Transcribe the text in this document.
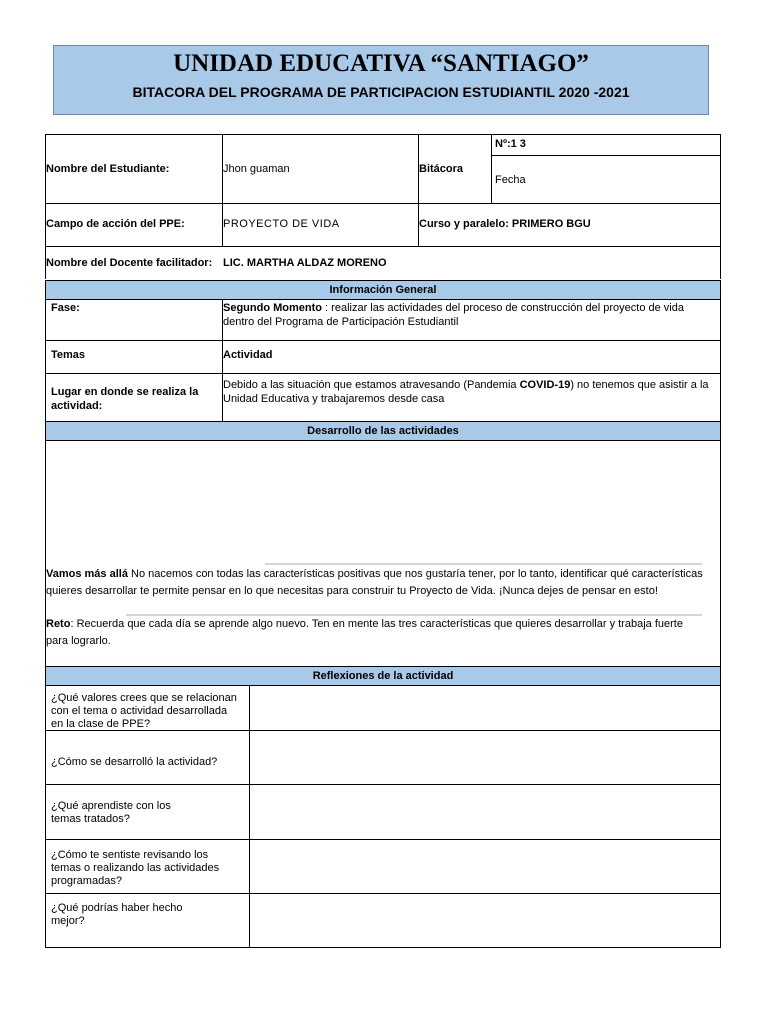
UNIDAD EDUCATIVA “SANTIAGO”
BITACORA DEL PROGRAMA DE PARTICIPACION ESTUDIANTIL 2020 -2021
Nombre del Estudiante:	Jhon guaman	Bitácora
Nº:1 3
Fecha
Campo de acción del PPE:	PROYECTO DE VIDA	Curso y paralelo: PRIMERO BGU
Nombre del Docente facilitador: LIC. MARTHA ALDAZ MORENO
Información General
Fase:	Segundo Momento : realizar las actividades del proceso de construcción del proyecto de vida dentro del Programa de Participación Estudiantil
Temas	Actividad
Lugar en donde se realiza la actividad:
Debido a las situación que estamos atravesando (Pandemia COVID-19) no tenemos que asistir a la Unidad Educativa y trabajaremos desde casa
Desarrollo de las actividades
Vamos más allá No nacemos con todas las características positivas que nos gustaría tener, por lo tanto, identificar qué características quieres desarrollar te permite pensar en lo que necesitas para construir tu Proyecto de Vida. ¡Nunca dejes de pensar en esto!
Reto: Recuerda que cada día se aprende algo nuevo. Ten en mente las tres características que quieres desarrollar y trabaja fuerte para lograrlo.
Reflexiones de la actividad
¿Qué valores crees que se relacionan con el tema o actividad desarrollada en la clase de PPE?
¿Cómo se desarrolló la actividad?
¿Qué aprendiste con los temas tratados?
¿Cómo te sentiste revisando los temas o realizando las actividades programadas?
¿Qué podrías haber hecho mejor?
